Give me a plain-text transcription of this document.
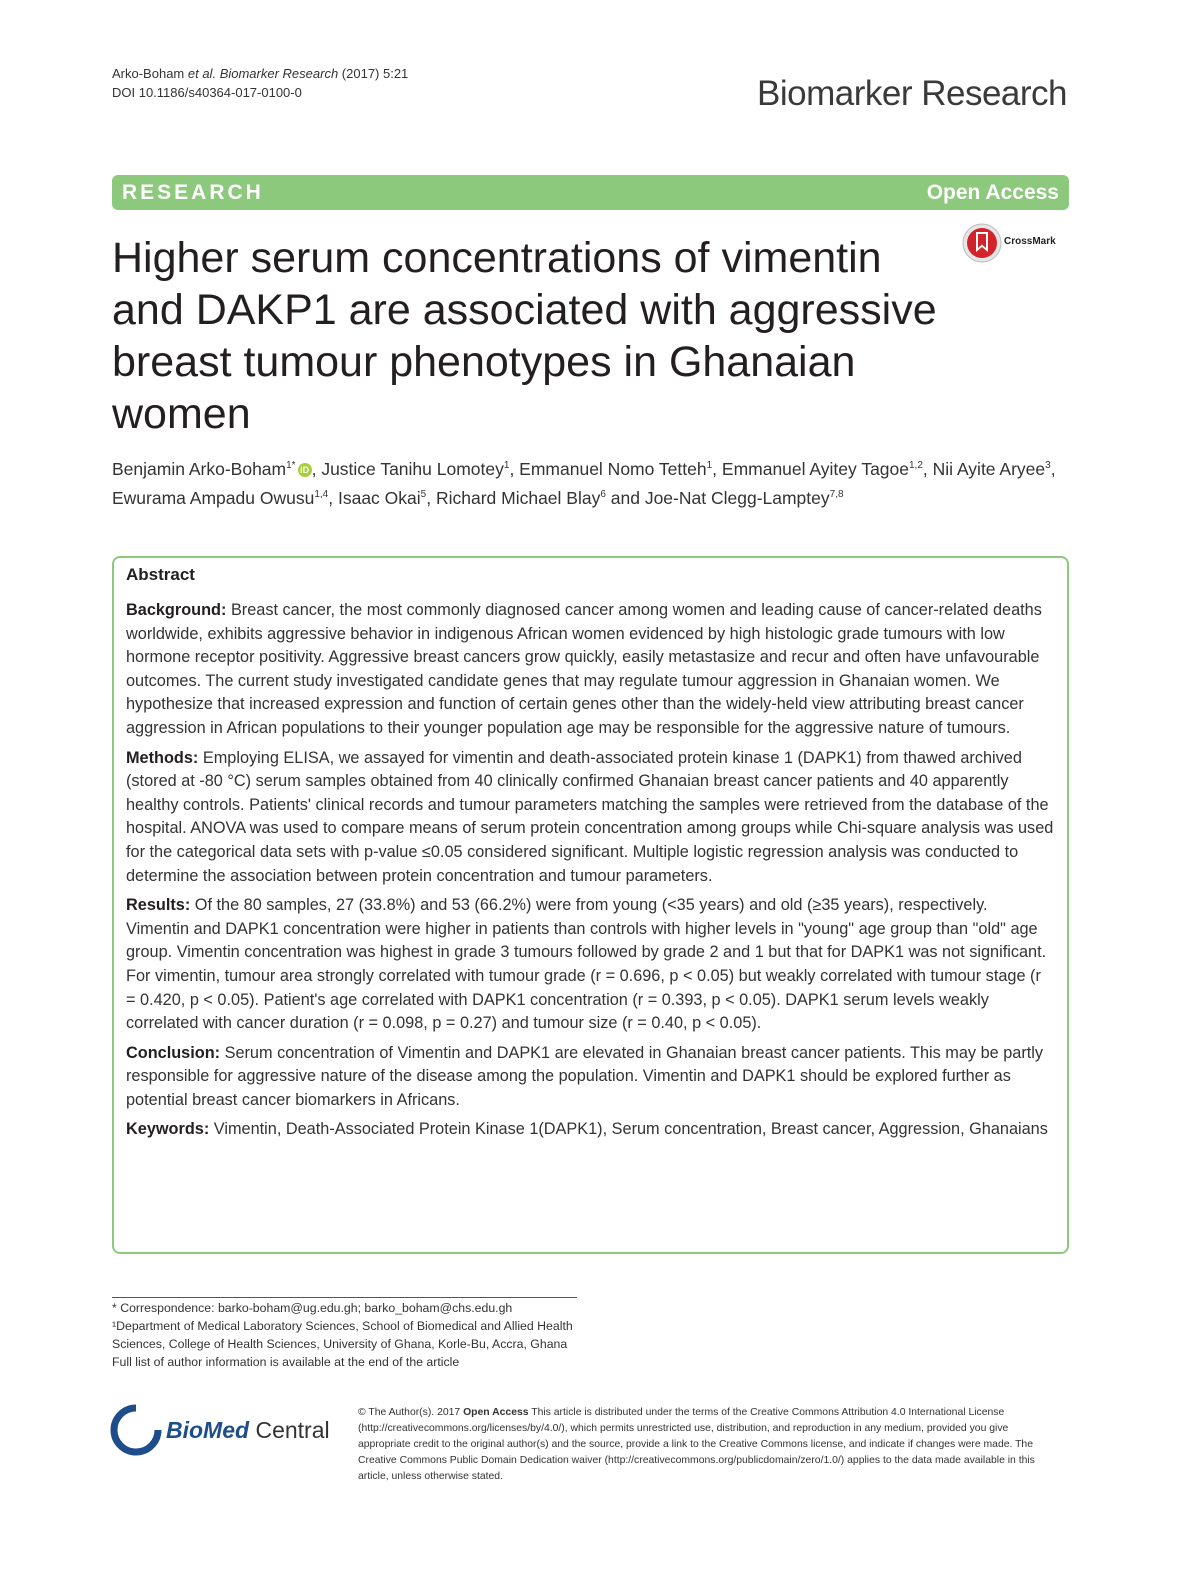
Arko-Boham et al. Biomarker Research (2017) 5:21
DOI 10.1186/s40364-017-0100-0	Biomarker Research
RESEARCH	Open Access
CrossMark
Higher serum concentrations of vimentin and DAKP1 are associated with aggressive breast tumour phenotypes in Ghanaian women
Benjamin Arko-Boham$^{1*}$ iD , Justice Tanihu Lomotey$^1$, Emmanuel Nomo Tetteh$^1$, Emmanuel Ayitey Tagoe$^{1,2}$, Nii Ayite Aryee$^3$, Ewurama Ampadu Owusu$^{1,4}$, Isaac Okai$^5$, Richard Michael Blay$^6$ and Joe-Nat Clegg-Lamptey$^{7,8}$
Abstract

Background: Breast cancer, the most commonly diagnosed cancer among women and leading cause of cancer-related deaths worldwide, exhibits aggressive behavior in indigenous African women evidenced by high histologic grade tumours with low hormone receptor positivity. Aggressive breast cancers grow quickly, easily metastasize and recur and often have unfavourable outcomes. The current study investigated candidate genes that may regulate tumour aggression in Ghanaian women. We hypothesize that increased expression and function of certain genes other than the widely-held view attributing breast cancer aggression in African populations to their younger population age may be responsible for the aggressive nature of tumours.

Methods: Employing ELISA, we assayed for vimentin and death-associated protein kinase 1 (DAPK1) from thawed archived (stored at -80 °C) serum samples obtained from 40 clinically confirmed Ghanaian breast cancer patients and 40 apparently healthy controls. Patients' clinical records and tumour parameters matching the samples were retrieved from the database of the hospital. ANOVA was used to compare means of serum protein concentration among groups while Chi-square analysis was used for the categorical data sets with p-value ≤0.05 considered significant. Multiple logistic regression analysis was conducted to determine the association between protein concentration and tumour parameters.

Results: Of the 80 samples, 27 (33.8%) and 53 (66.2%) were from young (<35 years) and old (≥35 years), respectively. Vimentin and DAPK1 concentration were higher in patients than controls with higher levels in "young" age group than "old" age group. Vimentin concentration was highest in grade 3 tumours followed by grade 2 and 1 but that for DAPK1 was not significant. For vimentin, tumour area strongly correlated with tumour grade (r = 0.696, p < 0.05) but weakly correlated with tumour stage (r = 0.420, p < 0.05). Patient's age correlated with DAPK1 concentration (r = 0.393, p < 0.05). DAPK1 serum levels weakly correlated with cancer duration (r = 0.098, p = 0.27) and tumour size (r = 0.40, p < 0.05).

Conclusion: Serum concentration of Vimentin and DAPK1 are elevated in Ghanaian breast cancer patients. This may be partly responsible for aggressive nature of the disease among the population. Vimentin and DAPK1 should be explored further as potential breast cancer biomarkers in Africans.

Keywords: Vimentin, Death-Associated Protein Kinase 1(DAPK1), Serum concentration, Breast cancer, Aggression, Ghanaians

* Correspondence: barko-boham@ug.edu.gh; barko_boham@chs.edu.gh

¹Department of Medical Laboratory Sciences, School of Biomedical and Allied Health Sciences, College of Health Sciences, University of Ghana, Korle-Bu, Accra, Ghana

Full list of author information is available at the end of the article

BioMed Central
© The Author(s). 2017 Open Access This article is distributed under the terms of the Creative Commons Attribution 4.0 International License (http://creativecommons.org/licenses/by/4.0/), which permits unrestricted use, distribution, and reproduction in any medium, provided you give appropriate credit to the original author(s) and the source, provide a link to the Creative Commons license, and indicate if changes were made. The Creative Commons Public Domain Dedication waiver (http://creativecommons.org/publicdomain/zero/1.0/) applies to the data made available in this article, unless otherwise stated.
